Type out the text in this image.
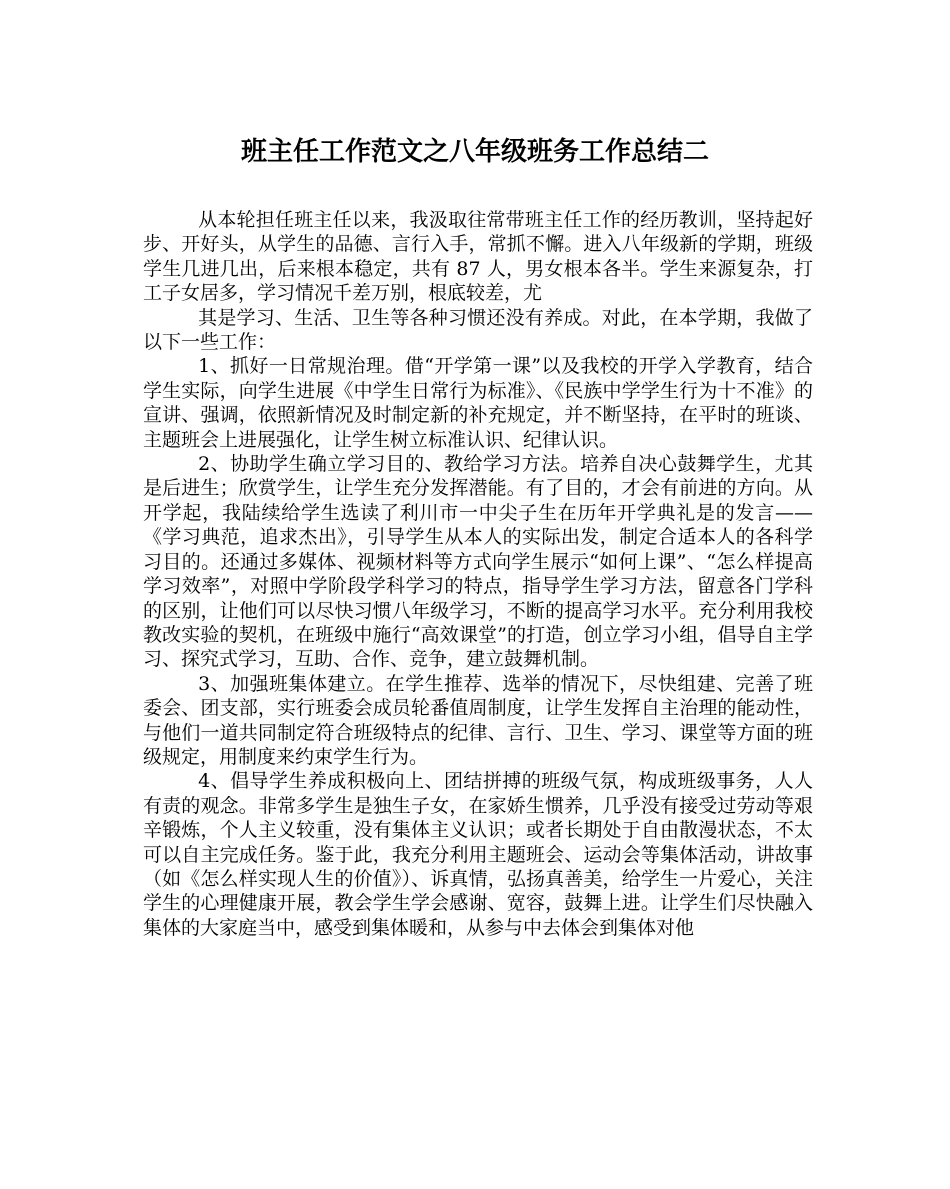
班主任工作范文之八年级班务工作总结二

从本轮担任班主任以来，我汲取往常带班主任工作的经历教训，坚持起好步、开好头，从学生的品德、言行入手，常抓不懈。进入八年级新的学期，班级学生几进几出，后来根本稳定，共有 87 人，男女根本各半。学生来源复杂，打工子女居多，学习情况千差万别，根底较差，尤

其是学习、生活、卫生等各种习惯还没有养成。对此，在本学期，我做了以下一些工作：

1、抓好一日常规治理。借“开学第一课”以及我校的开学入学教育，结合学生实际，向学生进展《中学生日常行为标准》、《民族中学学生行为十不准》的宣讲、强调，依照新情况及时制定新的补充规定，并不断坚持，在平时的班谈、主题班会上进展强化，让学生树立标准认识、纪律认识。

2、协助学生确立学习目的、教给学习方法。培养自决心鼓舞学生，尤其是后进生；欣赏学生，让学生充分发挥潜能。有了目的，才会有前进的方向。从开学起，我陆续给学生选读了利川市一中尖子生在历年开学典礼是的发言——《学习典范，追求杰出》，引导学生从本人的实际出发，制定合适本人的各科学习目的。还通过多媒体、视频材料等方式向学生展示“如何上课”、“怎么样提高学习效率”，对照中学阶段学科学习的特点，指导学生学习方法，留意各门学科的区别，让他们可以尽快习惯八年级学习，不断的提高学习水平。充分利用我校教改实验的契机，在班级中施行“高效课堂”的打造，创立学习小组，倡导自主学习、探究式学习，互助、合作、竞争，建立鼓舞机制。

3、加强班集体建立。在学生推荐、选举的情况下，尽快组建、完善了班委会、团支部，实行班委会成员轮番值周制度，让学生发挥自主治理的能动性，与他们一道共同制定符合班级特点的纪律、言行、卫生、学习、课堂等方面的班级规定，用制度来约束学生行为。

4、倡导学生养成积极向上、团结拼搏的班级气氛，构成班级事务，人人有责的观念。非常多学生是独生子女，在家娇生惯养，几乎没有接受过劳动等艰辛锻炼，个人主义较重，没有集体主义认识；或者长期处于自由散漫状态，不太可以自主完成任务。鉴于此，我充分利用主题班会、运动会等集体活动，讲故事（如《怎么样实现人生的价值》）、诉真情，弘扬真善美，给学生一片爱心，关注学生的心理健康开展，教会学生学会感谢、宽容，鼓舞上进。让学生们尽快融入集体的大家庭当中，感受到集体暖和，从参与中去体会到集体对他
